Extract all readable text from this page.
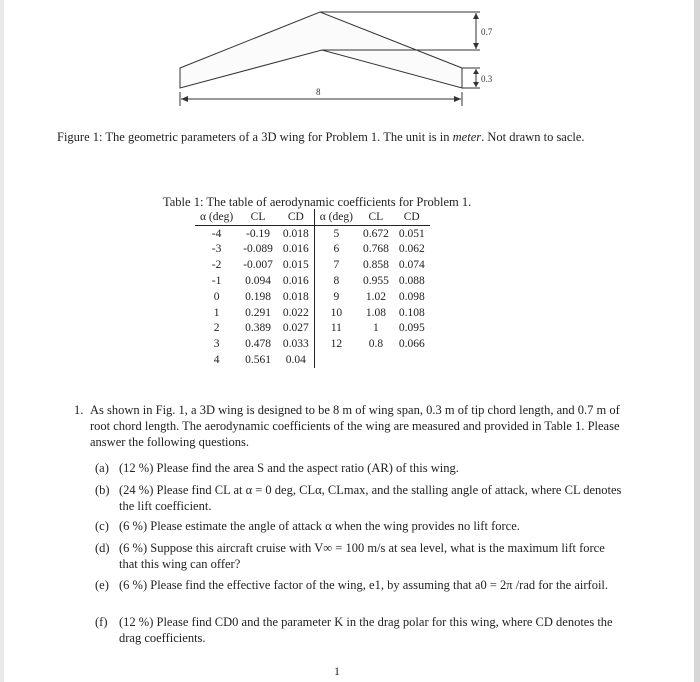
0.7
0.3
8
Figure 1: The geometric parameters of a 3D wing for Problem 1. The unit is in meter. Not drawn to sacle.
Table 1: The table of aerodynamic coefficients for Problem 1.
α (deg)	CL	CD	α (deg)	CL	CD
-4	-0.19	0.018	5	0.672	0.051
-3	-0.089	0.016	6	0.768	0.062
-2	-0.007	0.015	7	0.858	0.074
-1	0.094	0.016	8	0.955	0.088
0	0.198	0.018	9	1.02	0.098
1	0.291	0.022	10	1.08	0.108
2	0.389	0.027	11	1	0.095
3	0.478	0.033	12	0.8	0.066
4	0.561	0.04			
1. As shown in Fig. 1, a 3D wing is designed to be 8 m of wing span, 0.3 m of tip chord length, and 0.7 m of root chord length. The aerodynamic coefficients of the wing are measured and provided in Table 1. Please answer the following questions.
(a) (12 %) Please find the area S and the aspect ratio (AR) of this wing.
(b) (24 %) Please find CL at α = 0 deg, CLα, CLmax, and the stalling angle of attack, where CL denotes the lift coefficient.
(c) (6 %) Please estimate the angle of attack α when the wing provides no lift force.
(d) (6 %) Suppose this aircraft cruise with V∞ = 100 m/s at sea level, what is the maximum lift force that this wing can offer?
(e) (6 %) Please find the effective factor of the wing, e1, by assuming that a0 = 2π /rad for the airfoil.
(f) (12 %) Please find CD0 and the parameter K in the drag polar for this wing, where CD denotes the drag coefficients.
1
